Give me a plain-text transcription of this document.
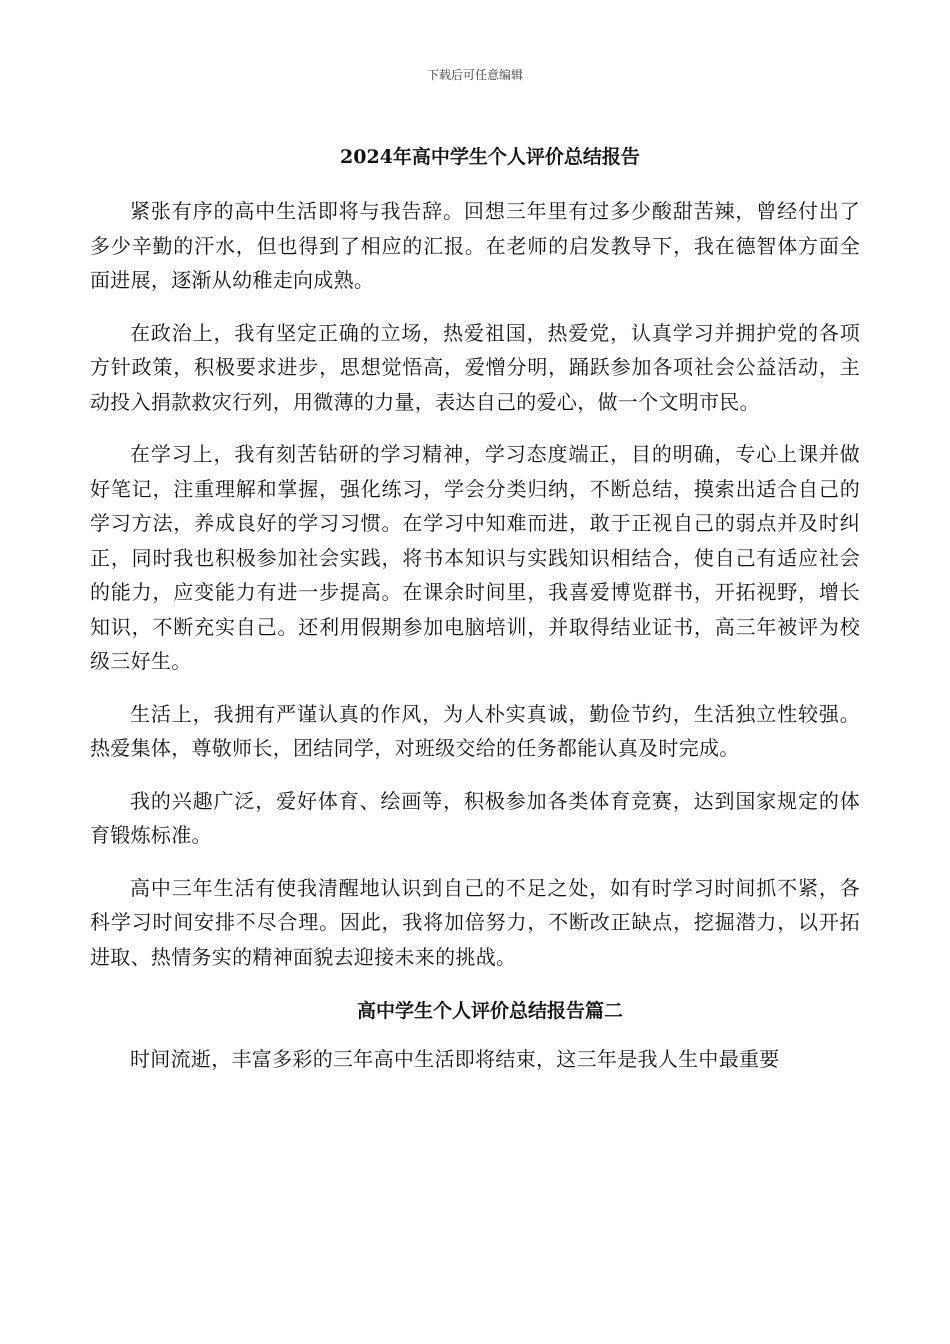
下载后可任意编辑
2024年高中学生个人评价总结报告

紧张有序的高中生活即将与我告辞。回想三年里有过多少酸甜苦辣，曾经付出了多少辛勤的汗水，但也得到了相应的汇报。在老师的启发教导下，我在德智体方面全面进展，逐渐从幼稚走向成熟。

在政治上，我有坚定正确的立场，热爱祖国，热爱党，认真学习并拥护党的各项方针政策，积极要求进步，思想觉悟高，爱憎分明，踊跃参加各项社会公益活动，主动投入捐款救灾行列，用微薄的力量，表达自己的爱心，做一个文明市民。

在学习上，我有刻苦钻研的学习精神，学习态度端正，目的明确，专心上课并做好笔记，注重理解和掌握，强化练习，学会分类归纳，不断总结，摸索出适合自己的学习方法，养成良好的学习习惯。在学习中知难而进，敢于正视自己的弱点并及时纠正，同时我也积极参加社会实践，将书本知识与实践知识相结合，使自己有适应社会的能力，应变能力有进一步提高。在课余时间里，我喜爱博览群书，开拓视野，增长知识，不断充实自己。还利用假期参加电脑培训，并取得结业证书，高三年被评为校级三好生。

生活上，我拥有严谨认真的作风，为人朴实真诚，勤俭节约，生活独立性较强。热爱集体，尊敬师长，团结同学，对班级交给的任务都能认真及时完成。

我的兴趣广泛，爱好体育、绘画等，积极参加各类体育竞赛，达到国家规定的体育锻炼标准。

高中三年生活有使我清醒地认识到自己的不足之处，如有时学习时间抓不紧，各科学习时间安排不尽合理。因此，我将加倍努力，不断改正缺点，挖掘潜力，以开拓进取、热情务实的精神面貌去迎接未来的挑战。

高中学生个人评价总结报告篇二

时间流逝，丰富多彩的三年高中生活即将结束，这三年是我人生中最重要
